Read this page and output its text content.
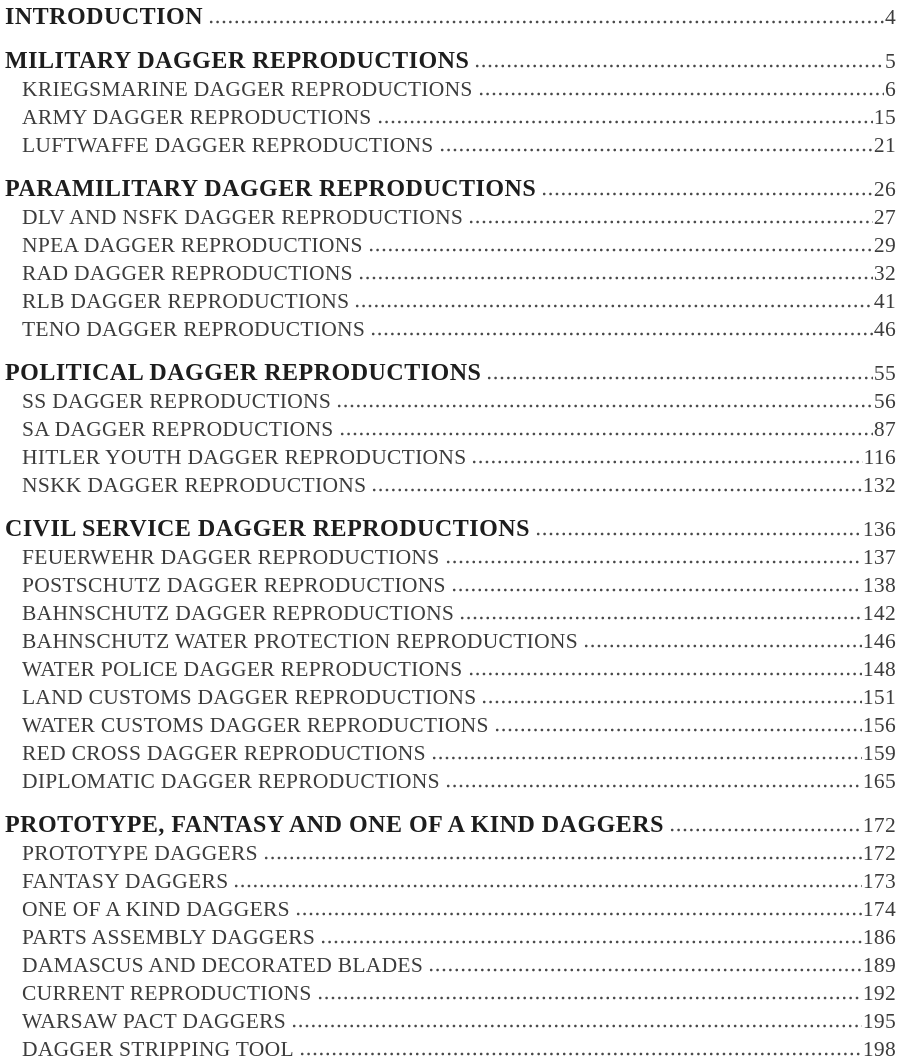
INTRODUCTION	4
MILITARY DAGGER REPRODUCTIONS	5
KRIEGSMARINE DAGGER REPRODUCTIONS	6
ARMY DAGGER REPRODUCTIONS	15
LUFTWAFFE DAGGER REPRODUCTIONS	21
PARAMILITARY DAGGER REPRODUCTIONS	26
DLV AND NSFK DAGGER REPRODUCTIONS	27
NPEA DAGGER REPRODUCTIONS	29
RAD DAGGER REPRODUCTIONS	32
RLB DAGGER REPRODUCTIONS	41
TENO DAGGER REPRODUCTIONS	46
POLITICAL DAGGER REPRODUCTIONS	55
SS DAGGER REPRODUCTIONS	56
SA DAGGER REPRODUCTIONS	87
HITLER YOUTH DAGGER REPRODUCTIONS	116
NSKK DAGGER REPRODUCTIONS	132
CIVIL SERVICE DAGGER REPRODUCTIONS	136
FEUERWEHR DAGGER REPRODUCTIONS	137
POSTSCHUTZ DAGGER REPRODUCTIONS	138
BAHNSCHUTZ DAGGER REPRODUCTIONS	142
BAHNSCHUTZ WATER PROTECTION REPRODUCTIONS	146
WATER POLICE DAGGER REPRODUCTIONS	148
LAND CUSTOMS DAGGER REPRODUCTIONS	151
WATER CUSTOMS DAGGER REPRODUCTIONS	156
RED CROSS DAGGER REPRODUCTIONS	159
DIPLOMATIC DAGGER REPRODUCTIONS	165
PROTOTYPE, FANTASY AND ONE OF A KIND DAGGERS	172
PROTOTYPE DAGGERS	172
FANTASY DAGGERS	173
ONE OF A KIND DAGGERS	174
PARTS ASSEMBLY DAGGERS	186
DAMASCUS AND DECORATED BLADES	189
CURRENT REPRODUCTIONS	192
WARSAW PACT DAGGERS	195
DAGGER STRIPPING TOOL	198
